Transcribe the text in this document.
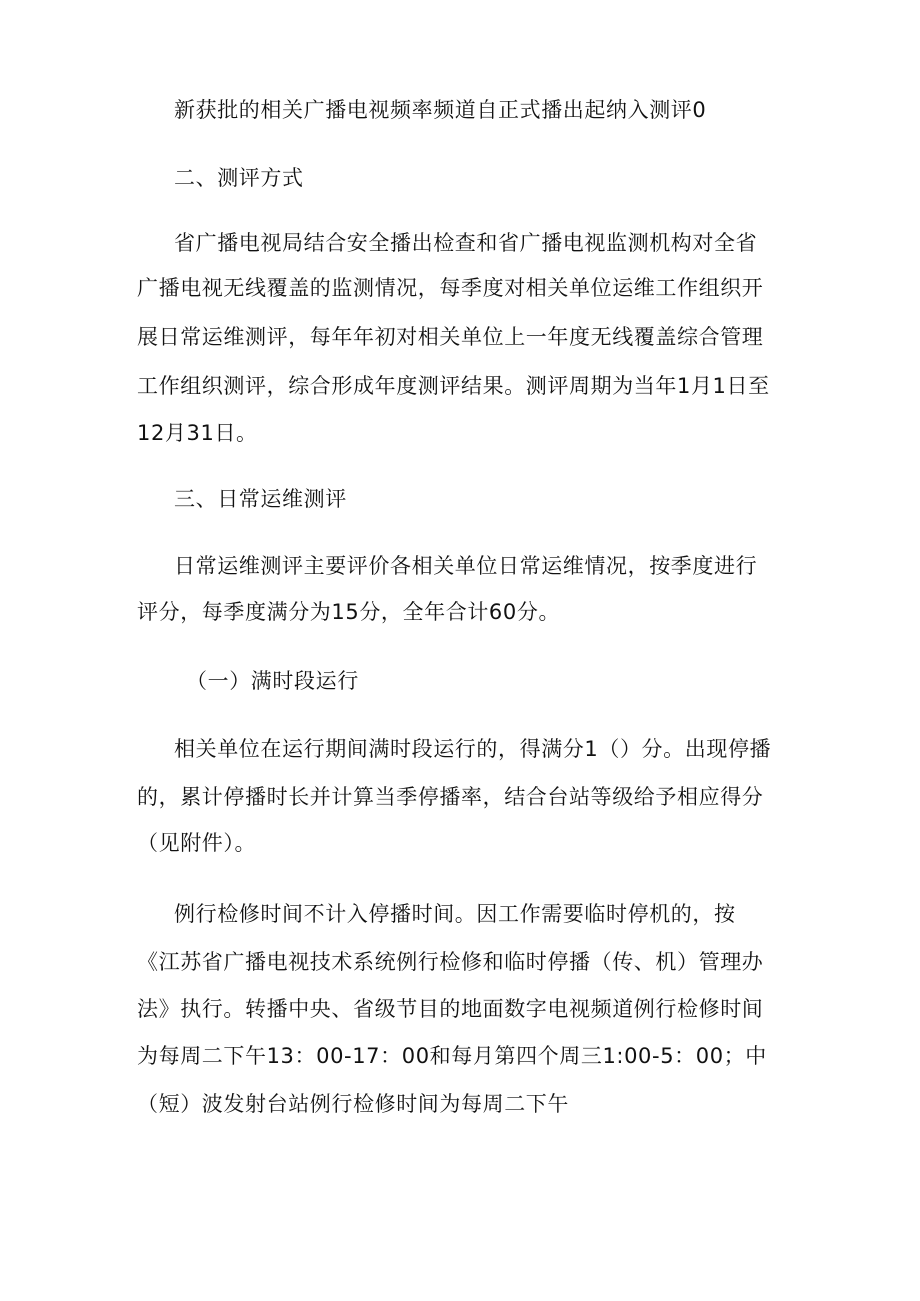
新获批的相关广播电视频率频道自正式播出起纳入测评0

二、测评方式

省广播电视局结合安全播出检查和省广播电视监测机构对全省

广播电视无线覆盖的监测情况，每季度对相关单位运维工作组织开

展日常运维测评，每年年初对相关单位上一年度无线覆盖综合管理

工作组织测评，综合形成年度测评结果。测评周期为当年1月1日至

12月31日。

三、日常运维测评

日常运维测评主要评价各相关单位日常运维情况，按季度进行

评分，每季度满分为15分，全年合计60分。

（一）满时段运行

相关单位在运行期间满时段运行的，得满分1（）分。出现停播

的，累计停播时长并计算当季停播率，结合台站等级给予相应得分

（见附件）。

例行检修时间不计入停播时间。因工作需要临时停机的，按

《江苏省广播电视技术系统例行检修和临时停播（传、机）管理办

法》执行。转播中央、省级节目的地面数字电视频道例行检修时间

为每周二下午13：00-17：00和每月第四个周三1:00-5：00；中

（短）波发射台站例行检修时间为每周二下午
